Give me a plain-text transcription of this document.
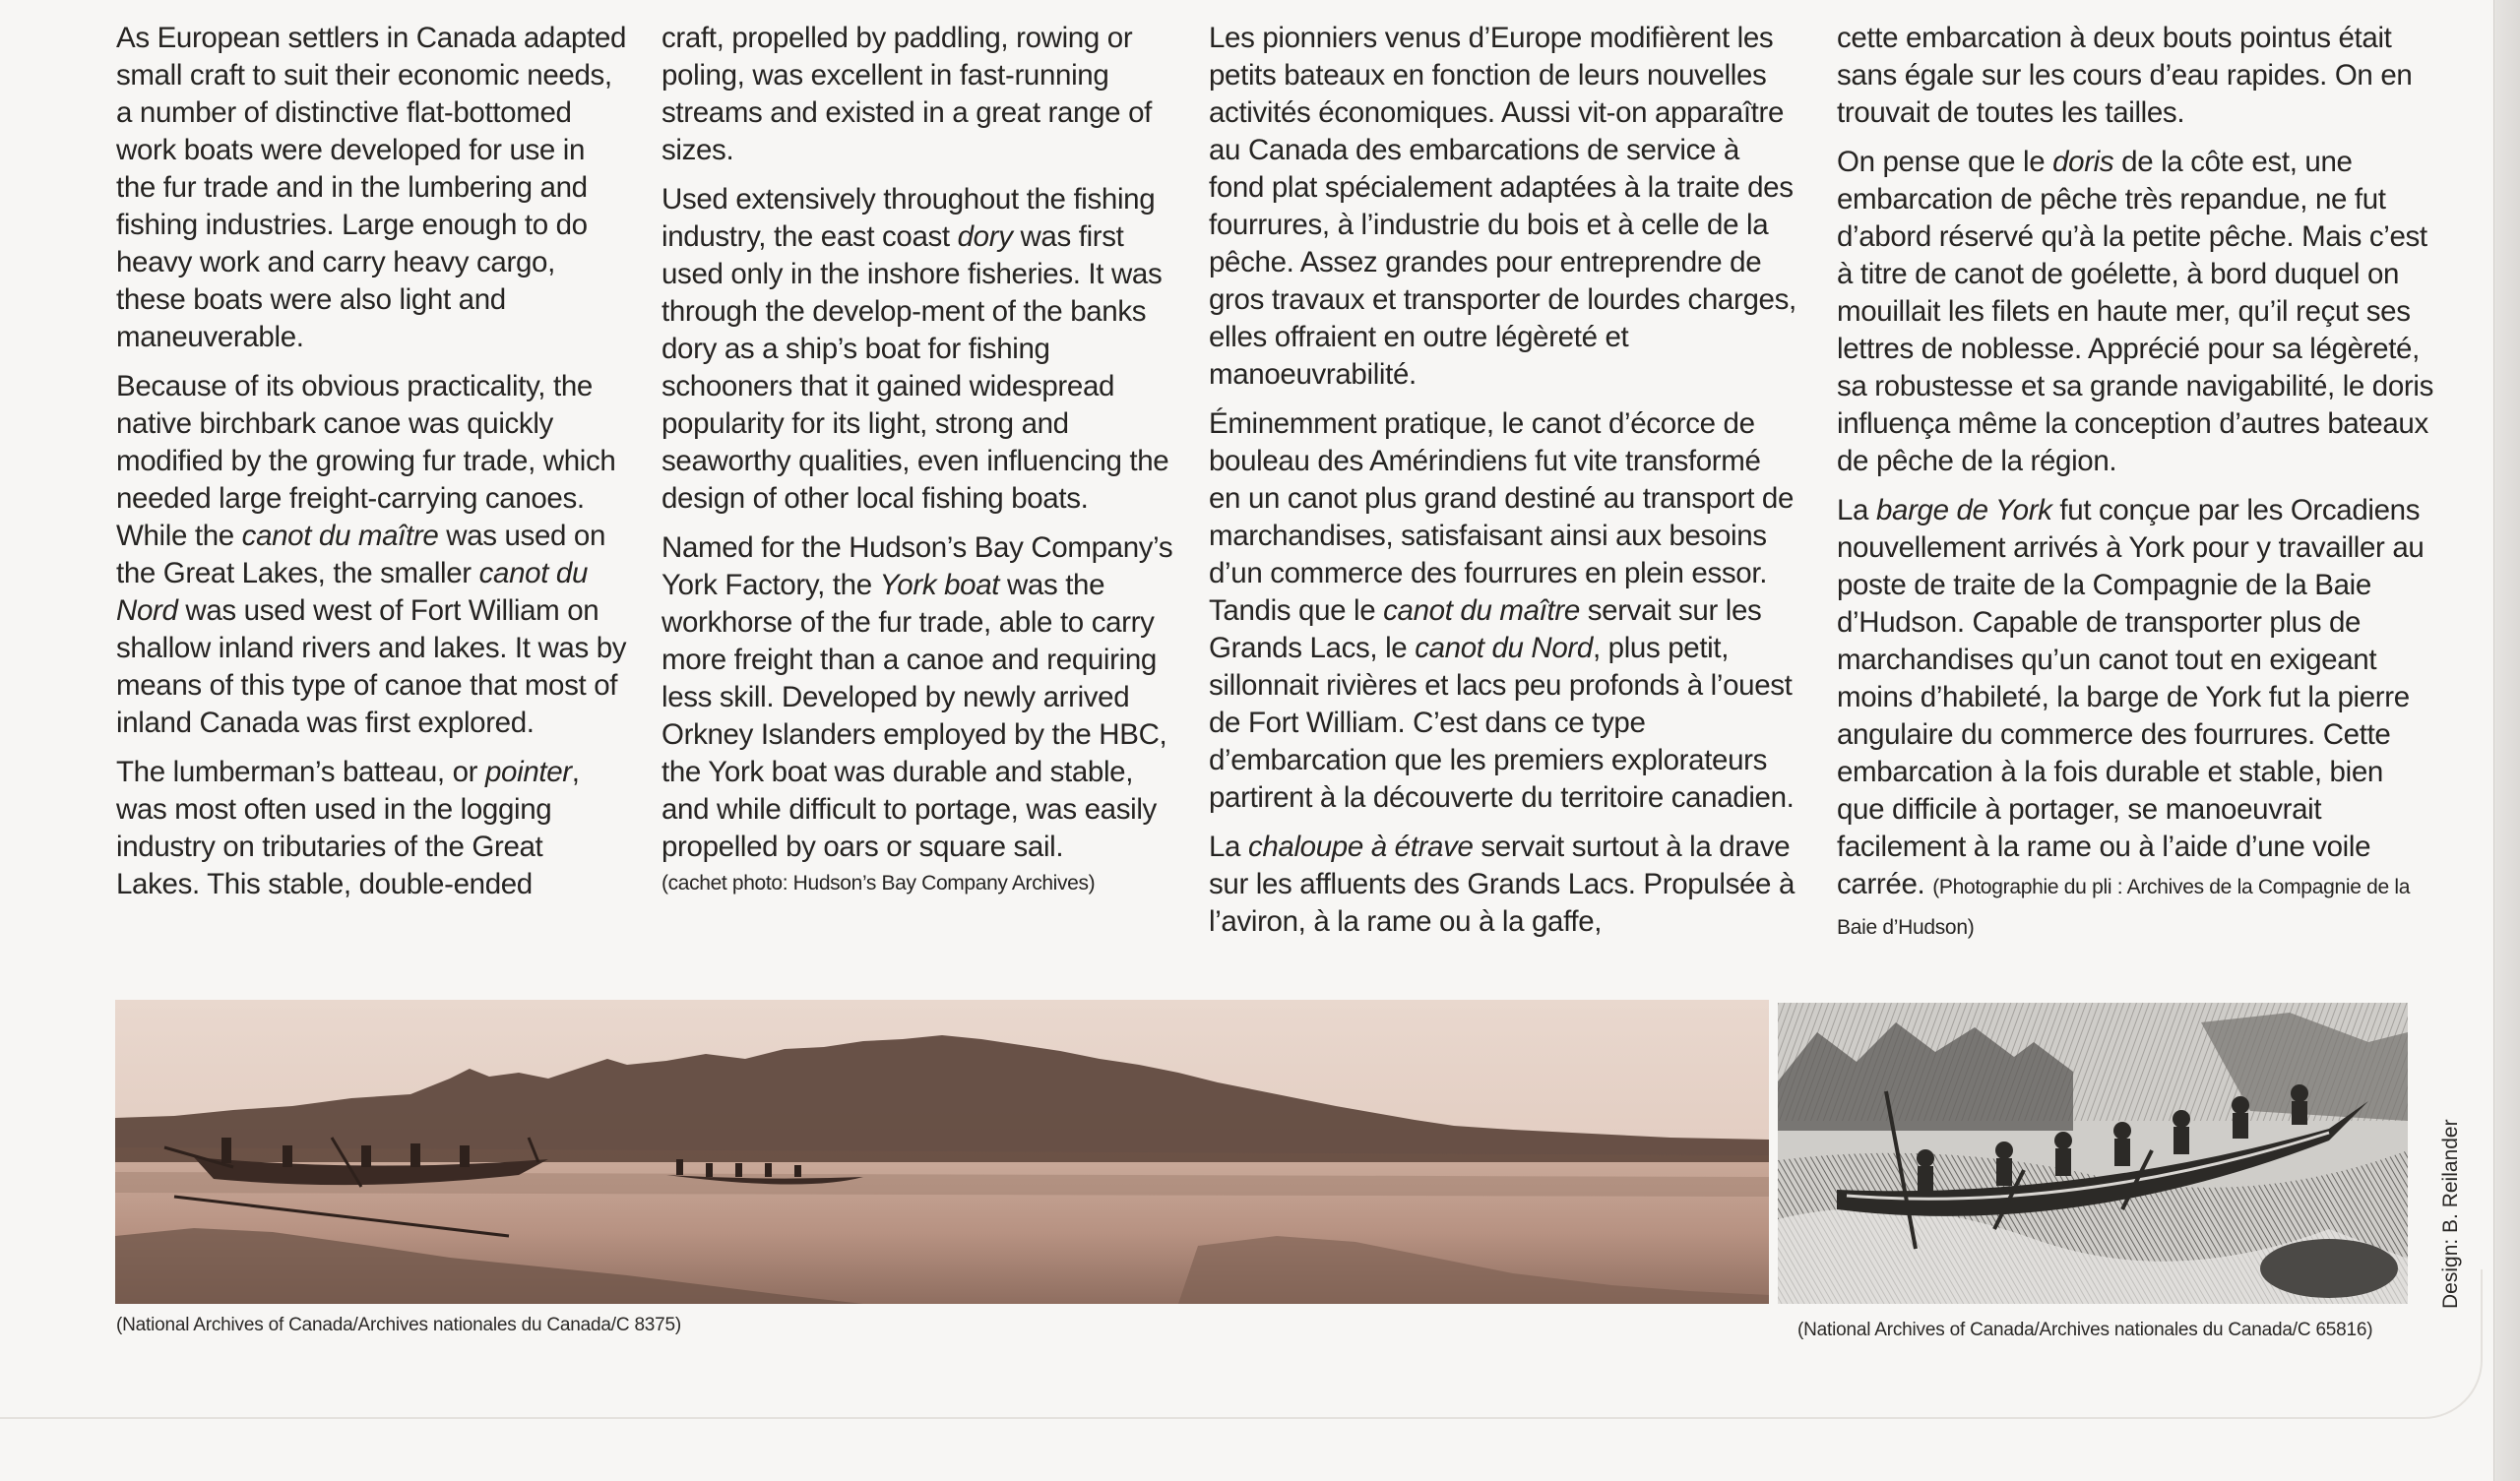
As European settlers in Canada adapted small craft to suit their economic needs, a number of distinctive flat-bottomed work boats were developed for use in the fur trade and in the lumbering and fishing industries. Large enough to do heavy work and carry heavy cargo, these boats were also light and maneuverable.

Because of its obvious practicality, the native birchbark canoe was quickly modified by the growing fur trade, which needed large freight-carrying canoes. While the canot du maître was used on the Great Lakes, the smaller canot du Nord was used west of Fort William on shallow inland rivers and lakes. It was by means of this type of canoe that most of inland Canada was first explored.

The lumberman’s batteau, or pointer, was most often used in the logging industry on tributaries of the Great Lakes. This stable, double-ended

craft, propelled by paddling, rowing or poling, was excellent in fast-running streams and existed in a great range of sizes.

Used extensively throughout the fishing industry, the east coast dory was first used only in the inshore fisheries. It was through the develop-ment of the banks dory as a ship’s boat for fishing schooners that it gained widespread popularity for its light, strong and seaworthy qualities, even influencing the design of other local fishing boats.

Named for the Hudson’s Bay Company’s York Factory, the York boat was the workhorse of the fur trade, able to carry more freight than a canoe and requiring less skill. Developed by newly arrived Orkney Islanders employed by the HBC, the York boat was durable and stable, and while difficult to portage, was easily propelled by oars or square sail.

(cachet photo: Hudson’s Bay Company Archives)

Les pionniers venus d’Europe modifièrent les petits bateaux en fonction de leurs nouvelles activités économiques. Aussi vit-on apparaître au Canada des embarcations de service à fond plat spécialement adaptées à la traite des fourrures, à l’industrie du bois et à celle de la pêche. Assez grandes pour entreprendre de gros travaux et transporter de lourdes charges, elles offraient en outre légèreté et manoeuvrabilité.

Éminemment pratique, le canot d’écorce de bouleau des Amérindiens fut vite transformé en un canot plus grand destiné au transport de marchandises, satisfaisant ainsi aux besoins d’un commerce des fourrures en plein essor. Tandis que le canot du maître servait sur les Grands Lacs, le canot du Nord, plus petit, sillonnait rivières et lacs peu profonds à l’ouest de Fort William. C’est dans ce type d’embarcation que les premiers explorateurs partirent à la découverte du territoire canadien.

La chaloupe à étrave servait surtout à la drave sur les affluents des Grands Lacs. Propulsée à l’aviron, à la rame ou à la gaffe,

cette embarcation à deux bouts pointus était sans égale sur les cours d’eau rapides. On en trouvait de toutes les tailles.

On pense que le doris de la côte est, une embarcation de pêche très repandue, ne fut d’abord réservé qu’à la petite pêche. Mais c’est à titre de canot de goélette, à bord duquel on mouillait les filets en haute mer, qu’il reçut ses lettres de noblesse. Apprécié pour sa légèreté, sa robustesse et sa grande navigabilité, le doris influença même la conception d’autres bateaux de pêche de la région.

La barge de York fut conçue par les Orcadiens nouvellement arrivés à York pour y travailler au poste de traite de la Compagnie de la Baie d’Hudson. Capable de transporter plus de marchandises qu’un canot tout en exigeant moins d’habileté, la barge de York fut la pierre angulaire du commerce des fourrures. Cette embarcation à la fois durable et stable, bien que difficile à portager, se manoeuvrait facilement à la rame ou à l’aide d’une voile carrée. (Photographie du pli : Archives de la Compagnie de la Baie d’Hudson)

(National Archives of Canada/Archives nationales du Canada/C 8375)	(National Archives of Canada/Archives nationales du Canada/C 65816)
Design: B. Reilander
